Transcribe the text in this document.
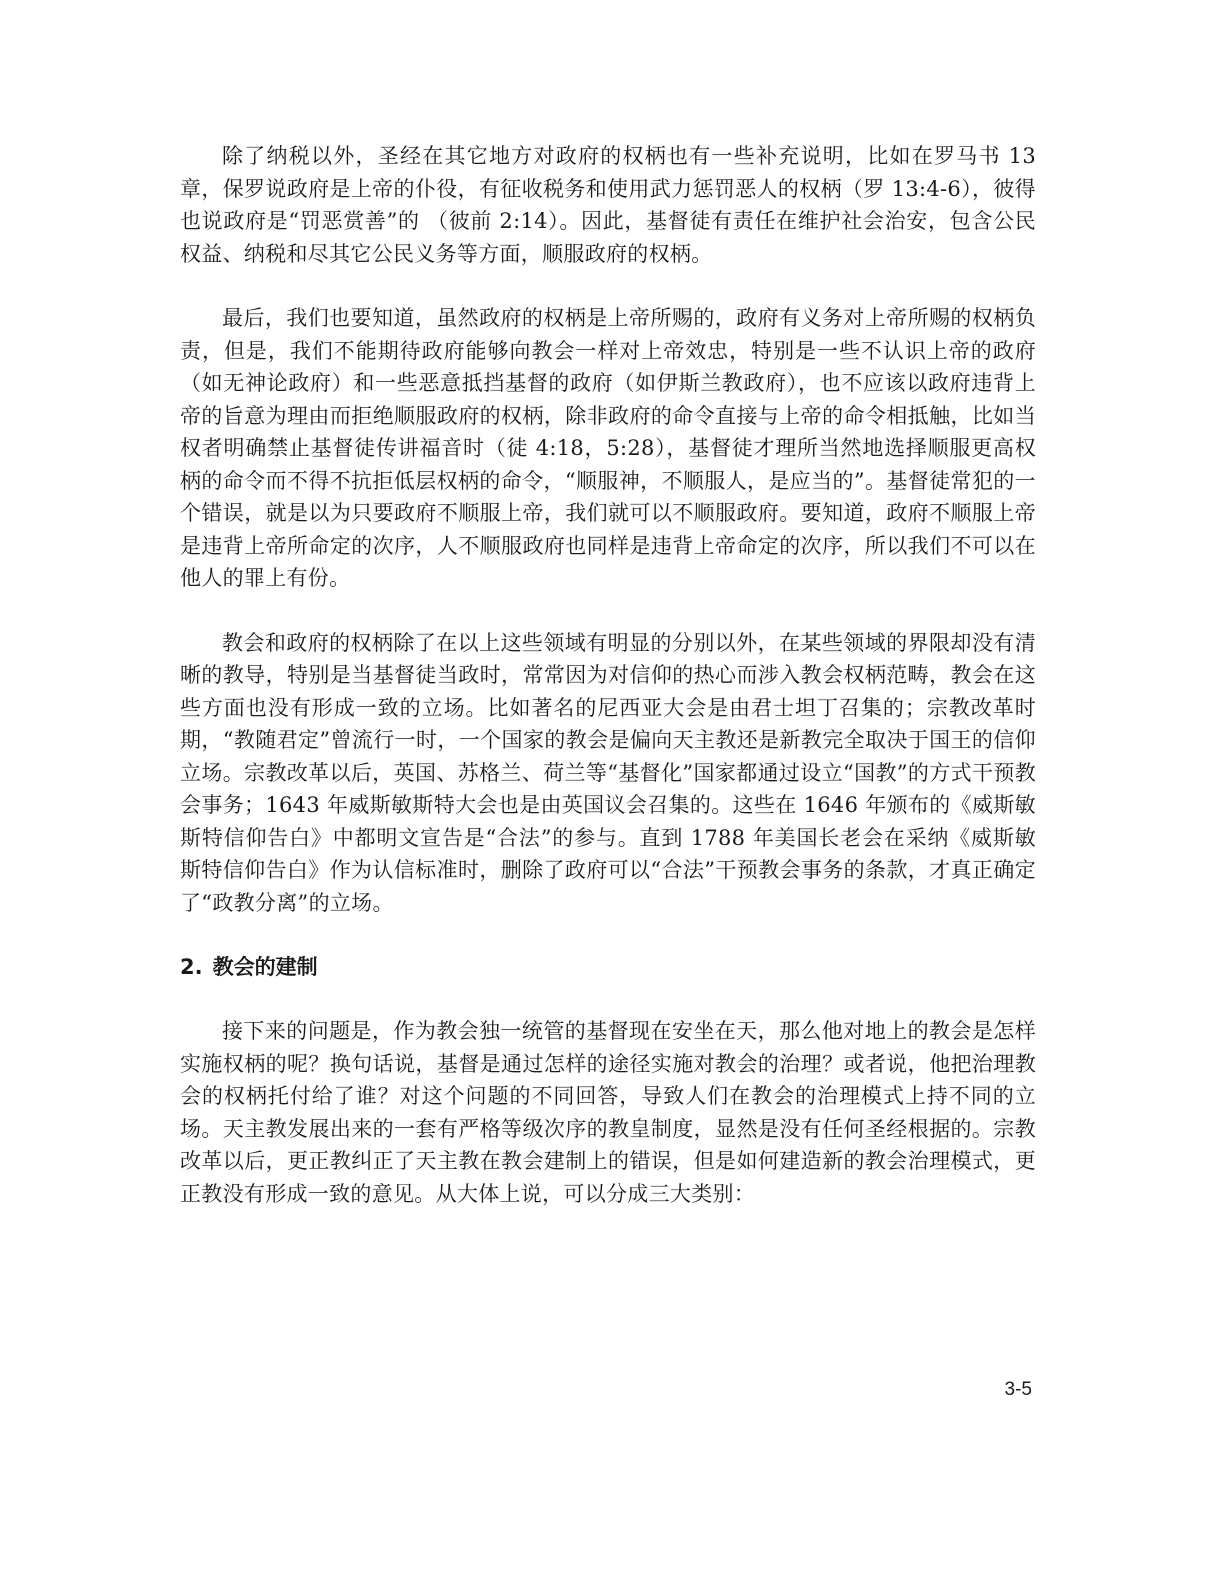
除了纳税以外，圣经在其它地方对政府的权柄也有一些补充说明，比如在罗马书 13 章，保罗说政府是上帝的仆役，有征收税务和使用武力惩罚恶人的权柄（罗 13:4-6），彼得也说政府是“罚恶赏善”的 （彼前 2:14）。因此，基督徒有责任在维护社会治安，包含公民权益、纳税和尽其它公民义务等方面，顺服政府的权柄。

最后，我们也要知道，虽然政府的权柄是上帝所赐的，政府有义务对上帝所赐的权柄负责，但是，我们不能期待政府能够向教会一样对上帝效忠，特别是一些不认识上帝的政府（如无神论政府）和一些恶意抵挡基督的政府（如伊斯兰教政府），也不应该以政府违背上帝的旨意为理由而拒绝顺服政府的权柄，除非政府的命令直接与上帝的命令相抵触，比如当权者明确禁止基督徒传讲福音时（徒 4:18，5:28），基督徒才理所当然地选择顺服更高权柄的命令而不得不抗拒低层权柄的命令，“顺服神，不顺服人，是应当的”。基督徒常犯的一个错误，就是以为只要政府不顺服上帝，我们就可以不顺服政府。要知道，政府不顺服上帝是违背上帝所命定的次序，人不顺服政府也同样是违背上帝命定的次序，所以我们不可以在他人的罪上有份。

教会和政府的权柄除了在以上这些领域有明显的分别以外，在某些领域的界限却没有清晰的教导，特别是当基督徒当政时，常常因为对信仰的热心而涉入教会权柄范畴，教会在这些方面也没有形成一致的立场。比如著名的尼西亚大会是由君士坦丁召集的；宗教改革时期，“教随君定”曾流行一时，一个国家的教会是偏向天主教还是新教完全取决于国王的信仰立场。宗教改革以后，英国、苏格兰、荷兰等“基督化”国家都通过设立“国教”的方式干预教会事务；1643 年威斯敏斯特大会也是由英国议会召集的。这些在 1646 年颁布的《威斯敏斯特信仰告白》中都明文宣告是“合法”的参与。直到 1788 年美国长老会在采纳《威斯敏斯特信仰告白》作为认信标准时，删除了政府可以“合法”干预教会事务的条款，才真正确定了“政教分离”的立场。

2. 教会的建制

接下来的问题是，作为教会独一统管的基督现在安坐在天，那么他对地上的教会是怎样实施权柄的呢？换句话说，基督是通过怎样的途径实施对教会的治理？或者说，他把治理教会的权柄托付给了谁？对这个问题的不同回答，导致人们在教会的治理模式上持不同的立场。天主教发展出来的一套有严格等级次序的教皇制度，显然是没有任何圣经根据的。宗教改革以后，更正教纠正了天主教在教会建制上的错误，但是如何建造新的教会治理模式，更正教没有形成一致的意见。从大体上说，可以分成三大类别：

3-5
